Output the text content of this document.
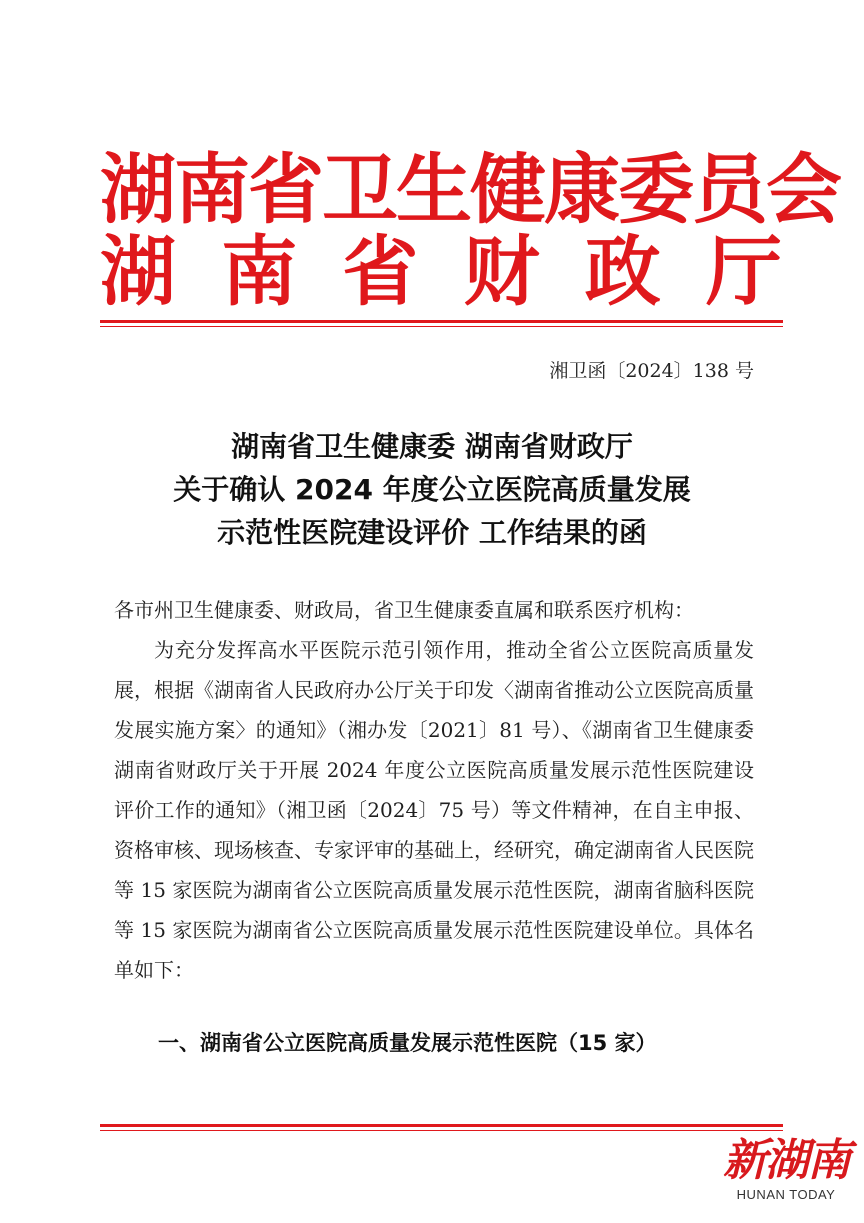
湖南省卫生健康委员会
湖 南 省 财 政 厅
湘卫函〔2024〕138 号
湖南省卫生健康委 湖南省财政厅
关于确认 2024 年度公立医院高质量发展
示范性医院建设评价 工作结果的函
各市州卫生健康委、财政局，省卫生健康委直属和联系医疗机构：
为充分发挥高水平医院示范引领作用，推动全省公立医院高质量发展，根据《湖南省人民政府办公厅关于印发〈湖南省推动公立医院高质量发展实施方案〉的通知》（湘办发〔2021〕81 号）、《湖南省卫生健康委 湖南省财政厅关于开展 2024 年度公立医院高质量发展示范性医院建设评价工作的通知》（湘卫函〔2024〕75 号）等文件精神，在自主申报、资格审核、现场核查、专家评审的基础上，经研究，确定湖南省人民医院等 15 家医院为湖南省公立医院高质量发展示范性医院，湖南省脑科医院等 15 家医院为湖南省公立医院高质量发展示范性医院建设单位。具体名单如下：
一、湖南省公立医院高质量发展示范性医院（15 家）
新湖南
HUNAN TODAY
